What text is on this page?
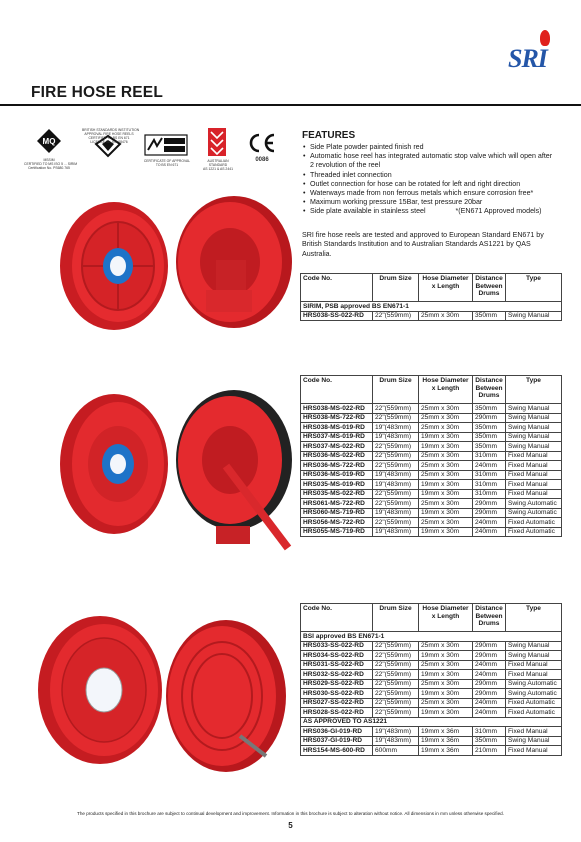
SRI
FIRE HOSE REEL
MQ
MSSIM
CERTIFIED TO MS ISO 5 ... SIRIM
Certification No. PS680.765
BRITISH STANDARDS INSTITUTION
APPROVAL FIRE HOSE REELS
CERTIFIED TO BS EN 671
LICENCE No. KM 08476
CERTIFICATE OF APPROVAL
TO BS EN 671
AUSTRALIAN
STANDARD
AS 1221 & AS 2441
0086
FEATURES
• Side Plate powder painted finish red
• Automatic hose reel has integrated automatic stop valve which will open after 2 revolution of the reel
• Threaded inlet connection
• Outlet connection for hose can be rotated for left and right direction
• Waterways made from non ferrous metals which ensure corrosion free*
• Maximum working pressure 15Bar, test pressure 20bar
• Side plate available in stainless steel	*(EN671 Approved models)
SRI fire hose reels are tested and approved to European Standard EN671 by British Standards Institution and to Australian Standards AS1221 by QAS Australia.
Code No.	Drum Size	Hose Diameter x Length	Distance Between Drums	Type
SIRIM, PSB approved BS EN671-1				
HRS038-SS-022-RD	22"(559mm)	25mm x 30m	350mm	Swing Manual
Code No.	Drum Size	Hose Diameter x Length	Distance Between Drums	Type
HRS038-MS-022-RD	22"(559mm)	25mm x 30m	350mm	Swing Manual
HRS038-MS-722-RD	22"(559mm)	25mm x 30m	290mm	Swing Manual
HRS038-MS-019-RD	19"(483mm)	25mm x 30m	350mm	Swing Manual
HRS037-MS-019-RD	19"(483mm)	19mm x 30m	350mm	Swing Manual
HRS037-MS-022-RD	22"(559mm)	19mm x 30m	350mm	Swing Manual
HRS036-MS-022-RD	22"(559mm)	25mm x 30m	310mm	Fixed Manual
HRS036-MS-722-RD	22"(559mm)	25mm x 30m	240mm	Fixed Manual
HRS036-MS-019-RD	19"(483mm)	25mm x 30m	310mm	Fixed Manual
HRS035-MS-019-RD	19"(483mm)	19mm x 30m	310mm	Fixed Manual
HRS035-MS-022-RD	22"(559mm)	19mm x 30m	310mm	Fixed Manual
HRS061-MS-722-RD	22"(559mm)	25mm x 30m	290mm	Swing Automatic
HRS060-MS-719-RD	19"(483mm)	19mm x 30m	290mm	Swing Automatic
HRS056-MS-722-RD	22"(559mm)	25mm x 30m	240mm	Fixed Automatic
HRS055-MS-719-RD	19"(483mm)	19mm x 30m	240mm	Fixed Automatic
Code No.	Drum Size	Hose Diameter x Length	Distance Between Drums	Type
BSI approved BS EN671-1				
HRS033-SS-022-RD	22"(559mm)	25mm x 30m	290mm	Swing Manual
HRS034-SS-022-RD	22"(559mm)	19mm x 30m	290mm	Swing Manual
HRS031-SS-022-RD	22"(559mm)	25mm x 30m	240mm	Fixed Manual
HRS032-SS-022-RD	22"(559mm)	19mm x 30m	240mm	Fixed Manual
HRS029-SS-022-RD	22"(559mm)	25mm x 30m	290mm	Swing Automatic
HRS030-SS-022-RD	22"(559mm)	19mm x 30m	290mm	Swing Automatic
HRS027-SS-022-RD	22"(559mm)	25mm x 30m	240mm	Fixed Automatic
HRS028-SS-022-RD	22"(559mm)	19mm x 30m	240mm	Fixed Automatic
AS APPROVED TO AS1221				
HRS036-GI-019-RD	19"(483mm)	19mm x 36m	310mm	Fixed Manual
HRS037-GI-019-RD	19"(483mm)	19mm x 36m	350mm	Swing Manual
HRS154-MS-600-RD	600mm	19mm x 36m	210mm	Fixed Manual
The products specified in this brochure are subject to continual development and improvement. Information in this brochure is subject to alteration without notice. All dimensions in mm unless otherwise specified.
5
